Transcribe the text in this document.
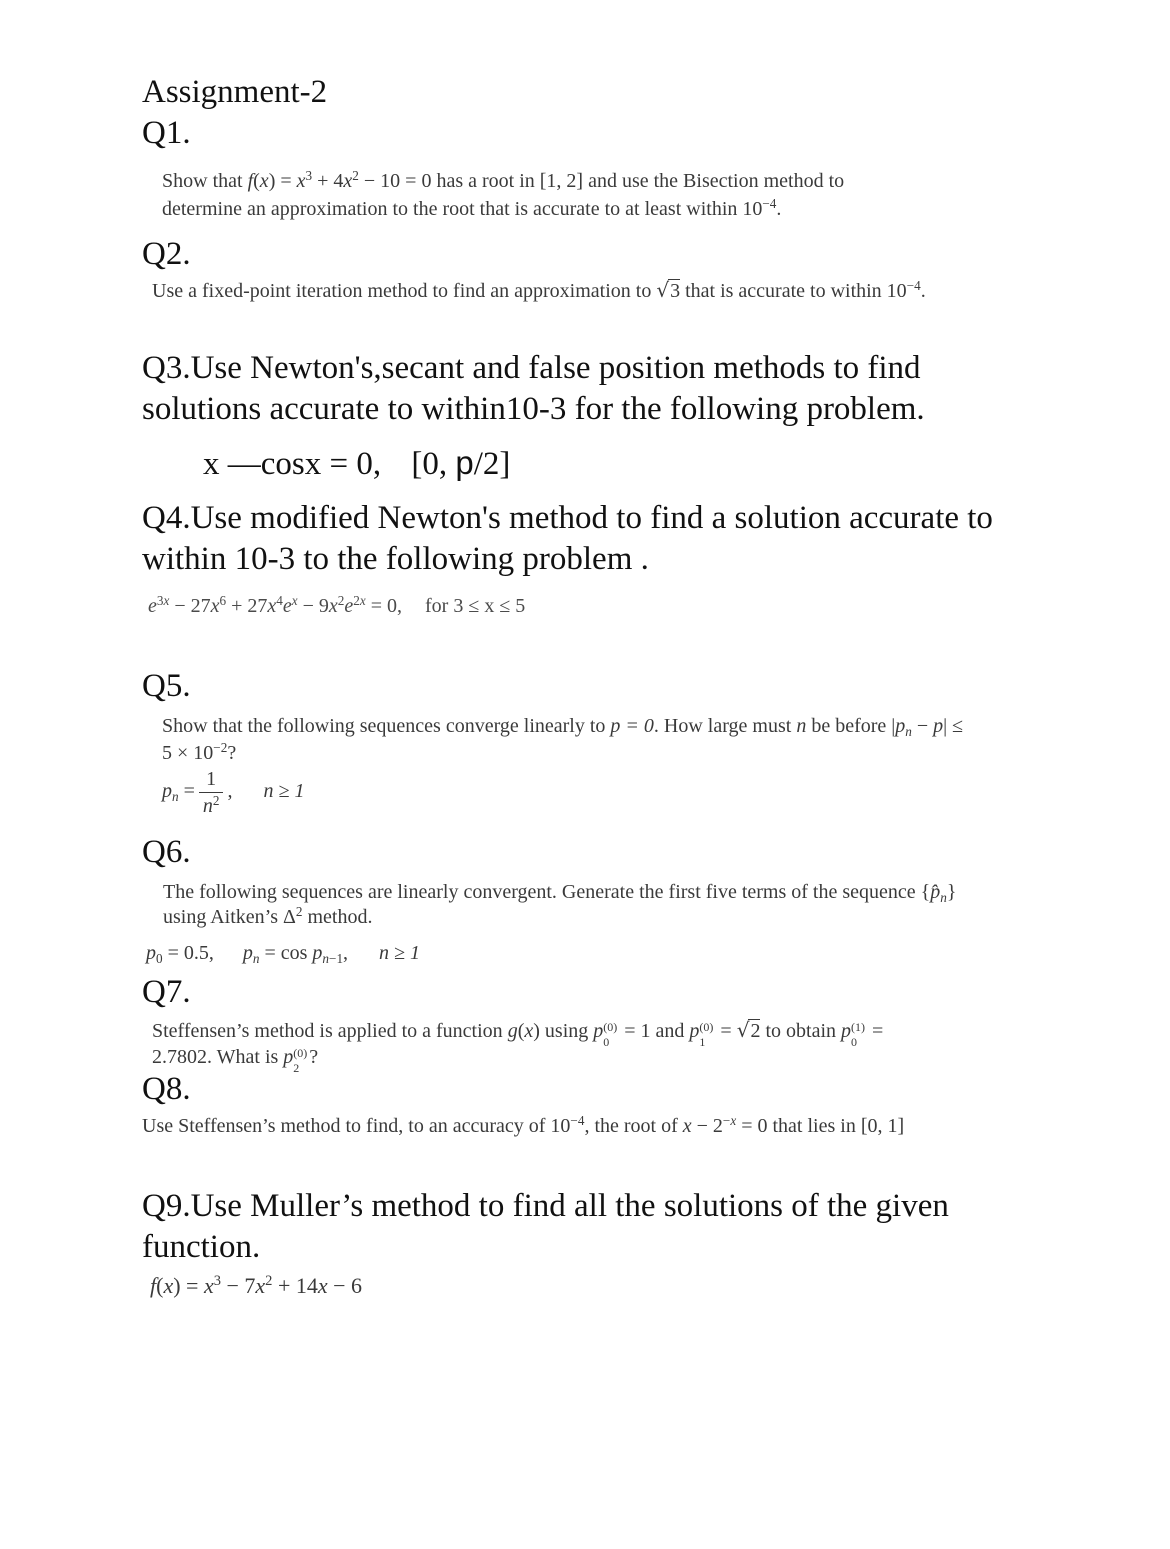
Assignment-2
Q1.
Show that $f(x) = x^3 + 4x^2 - 10 = 0$ has a root in [1, 2] and use the Bisection method to
determine an approximation to the root that is accurate to at least within $10^{-4}$.
Q2.
Use a fixed-point iteration method to find an approximation to √3 that is accurate to within $10^{-4}$.
Q3.Use Newton's,secant and false position methods to find
solutions accurate to within10-3 for the following problem.
x —cosx = 0, [0, p/2]
Q4.Use modified Newton's method to find a solution accurate to
within 10-3 to the following problem .
$e^{3x} - 27x^6 + 27x^4e^x - 9x^2e^{2x} = 0$, for 3 ≤ x ≤ 5
Q5.
Show that the following sequences converge linearly to p = 0. How large must n be before $|p_n - p|$ ≤
$5 \times 10^{-2}$?
$p_n = \frac{1}{n^2}$ , n ≥ 1
Q6.
The following sequences are linearly convergent. Generate the first five terms of the sequence $\{p̂_n\}$
using Aitken’s $\Delta^2$ method.
$p_0 = 0.5$, $p_n = \cos p_{n-1}$, n ≥ 1
Q7.
Steffensen’s method is applied to a function g(x) using p (0)
0 = 1 and p (0)
1 = √2 to obtain p (1)
0 =
2.7802. What is p (0)
2 ?
Q8.
Use Steffensen’s method to find, to an accuracy of $10^{-4}$, the root of $x - 2^{-x} = 0$ that lies in [0, 1]
Q9.Use Muller’s method to find all the solutions of the given
function.
$f(x) = x^3 - 7x^2 + 14x - 6$
